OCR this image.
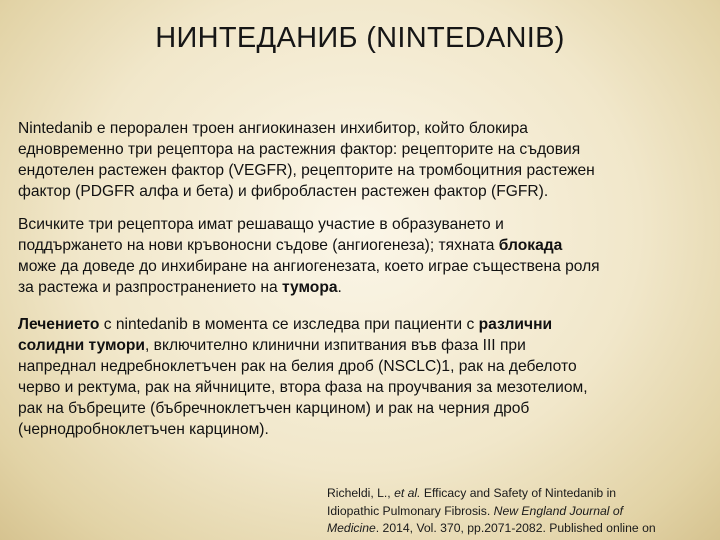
НИНТЕДАНИБ (NINTEDANIB)
Nintedanib е перорален троен ангиокиназен инхибитор, който блокира
едновременно три рецептора на растежния фактор: рецепторите на съдовия
ендотелен растежен фактор (VEGFR), рецепторите на тромбоцитния растежен
фактор (PDGFR алфа и бета) и фибробластен растежен фактор (FGFR).
Всичките три рецептора имат решаващо участие в образуването и
поддържането на нови кръвоносни съдове (ангиогенеза); тяхната блокада
може да доведе до инхибиране на ангиогенезата, което играе съществена роля
за растежа и разпространението на тумора.
Лечението с nintedanib в момента се изследва при пациенти с различни
солидни тумори, включително клинични изпитвания във фаза III при
напреднал недребноклетъчен рак на белия дроб (NSCLC)1, рак на дебелото
черво и ректума, рак на яйчниците, втора фаза на проучвания за мезотелиом,
рак на бъбреците (бъбречноклетъчен карцином) и рак на черния дроб
(чернодробноклетъчен карцином).
Richeldi, L., et al. Efficacy and Safety of Nintedanib in
Idiopathic Pulmonary Fibrosis. New England Journal of
Medicine. 2014, Vol. 370, pp.2071-2082. Published online on
